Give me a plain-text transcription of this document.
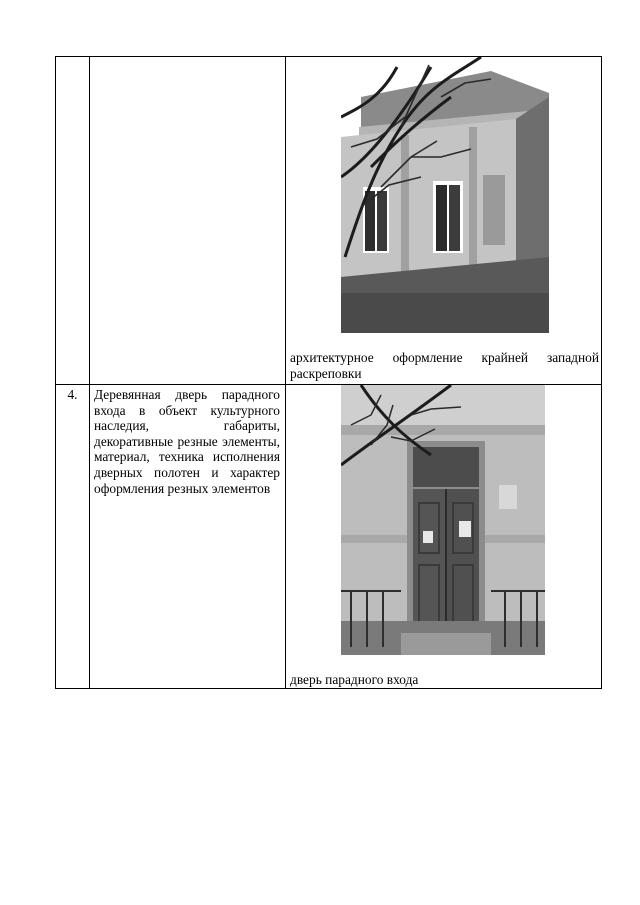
		архитектурное оформление крайней западной раскреповки

4.	Деревянная дверь парадного входа в объект культурного наследия, габариты, декоративные резные элементы, материал, техника исполнения дверных полотен и характер оформления резных элементов	дверь парадного входа
